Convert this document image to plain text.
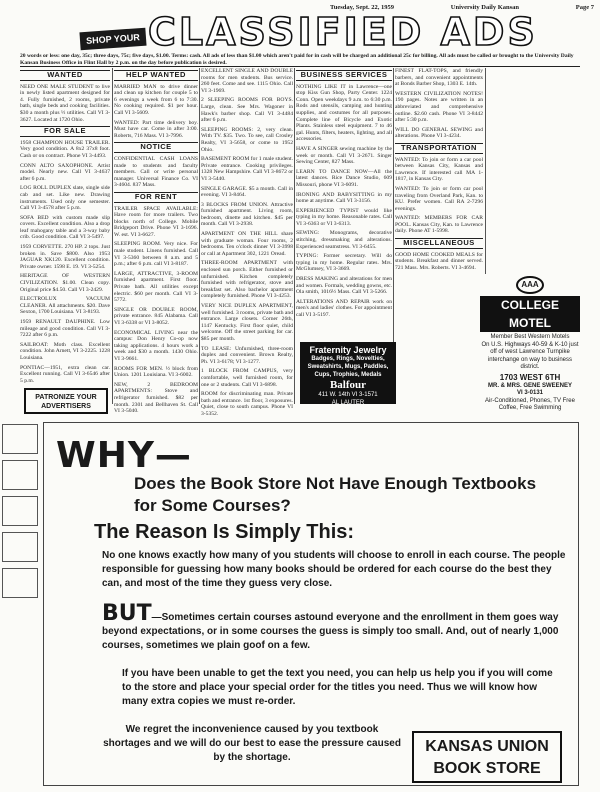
Tuesday, Sept. 22, 1959	University Daily Kansan	Page 7
SHOP YOUR CLASSIFIED ADS
20 words or less: one day, 35c; three days, 75c; five days, $1.00. Terms: cash. All ads of less than $1.00 which aren't paid for in cash will be charged an additional 25c for billing. All ads must be called or brought to the University Daily Kansan Business Office in Flint Hall by 2 p.m. on the day before publication is desired.
WANTED
NEED ONE MALE STUDENT to live in newly listed apartment designed for 4. Fully furnished, 2 rooms, private bath, single beds and cooking facilities. $30 a month plus ½ utilities. Call VI 3-3627. Located at 1720 Ohio.
FOR SALE
1958 CHAMPION HOUSE TRAILER. Very good condition. A 8x2 37x8 foot. Cash or on contract. Phone VI 3-4493.
CONN ALTO SAXOPHONE. Artist model. Nearly new. Call VI 3-4637 after 6 p.m.
LOG ROLL DUPLEX slate, single side cab and set. Like new. Drawing instruments. Used only one semester. Call VI 3-4578 after 5 p.m.
SOFA BED with custom made slip covers. Excellent condition. Also a drop leaf mahogany table and a 3-way baby crib. Good condition. Call VI 3-5497.
1959 CORVETTE. 270 HP. 2 tops. Just broken in. Save $800. Also 1953 JAGUAR XK120. Excellent condition. Private owner. 1598 E. 19. VI 3-5254.
HERITAGE OF WESTERN CIVILIZATION. $1.00. Clean copy. Original price $4.50. Call VI 3-2429.
ELECTROLUX VACUUM CLEANER. All attachments. $20. Dave Sexton, 1700 Louisiana. VI 3-8193.
1959 RENAULT DAUPHINE. Low mileage and good condition. Call VI 3-7222 after 6 p.m.
SAILBOAT: Moth class. Excellent condition. John Arnett, VI 3-2225. 1228 Louisiana.
PONTIAC—1951, extra clean car. Excellent running. Call VI 3-6546 after 5 p.m.
HELP WANTED
MARRIED MAN to drive dinner and clean up kitchen for couple 5 to 6 evenings a week from 6 to 7:30. No cooking required. $1 per hour. Call VI 3-5609.
WANTED: Part time delivery boy. Must have car. Come in after 3:00. Roberts, 716 Mass. VI 3-7996.
NOTICE
CONFIDENTIAL CASH LOANS made to students and faculty members. Call or write personal manager. Universal Finance Co. VI 3-4604. 837 Mass.
FOR RENT
TRAILER SPACE AVAILABLE: Have room for more trailers. Two blocks north of College. Mobile Bridgeport Drive. Phone VI 3-1696. W. est. VI 3-6627.
SLEEPING ROOM. Very nice. For male student. Linens furnished. Call VI 3-5360 between 8 a.m. and 5 p.m.; after 6 p.m. call VI 3-8187.
LARGE, ATTRACTIVE, 3-ROOM furnished apartment. First floor. Private bath. All utilities except electric. $60 per month. Call VI 3-5772.
SINGLE OR DOUBLE ROOM, private entrance. 845 Alabama. Call VI 3-6338 or VI 3-8052.
ECONOMICAL LIVING near the campus: Don Henry Co-op now taking applications. 4 hours work a week and $30 a month. 1430 Ohio. VI 3-9661.
ROOMS FOR MEN. ½ block from Union. 1201 Louisiana. VI 3-6002.
NEW, 2 BEDROOM APARTMENTS: Stove and refrigerator furnished. $82 per month. 2301 and Bellhaven St. Call VI 3-5040.
EXCELLENT SINGLE AND DOUBLE rooms for men students. Bus service. 260 feet. Come and see. 1115 Ohio. Call VI 3-1969.
2 SLEEPING ROOMS FOR BOYS. Large, clean. See Mrs. Wagoner in Hawk's barber shop. Call VI 3-4484 after 6 p.m.
SLEEPING ROOMS: 2, very clean. With TV. $35. Two. To see, call Crosley Realty, VI 3-5658, or come to 1952 Ohio.
BASEMENT ROOM for 1 male student. Private entrance. Cooking privileges. 1328 New Hampshire. Call VI 3-8672 or VI 3-5440.
SINGLE GARAGE. $5 a month. Call in evening. VI 3-8464.
3 BLOCKS FROM UNION. Attractive furnished apartment. Living room, bedroom, dinette and kitchen. $45 per month. Call VI 3-2938.
APARTMENT ON THE HILL share with graduate woman. Four rooms, 2 bedrooms. Ten o'clock dinner VI 3-3998 or call at Apartment 302, 1221 Oread.
THREE-ROOM APARTMENT with enclosed sun porch. Either furnished or unfurnished. Kitchen completely furnished with refrigerator, stove and breakfast set. Also bachelor apartment completely furnished. Phone VI 3-4253.
VERY NICE DUPLEX APARTMENT, well furnished. 3 rooms, private bath and entrance. Large closets. Corner 26th, 1147 Kentucky. First floor quiet, child welcome. Off the street parking for car. $85 per month.
TO LEASE: Unfurnished, three-room duplex and convenient. Brown Realty, Ph. VI 3-6178; VI 3-1277.
1 BLOCK FROM CAMPUS, very comfortable, well furnished room, for one or 2 students. Call VI 3-6898.
ROOM for discriminating man. Private bath and entrance. 1st floor, 3 exposures. Quiet, close to south campus. Phone VI 3-5352.
BUSINESS SERVICES
NOTHING LIKE IT in Lawrence—one stop Kiss Gun Shop, Party Center. 1224 Conn. Open weekdays 9 a.m. to 6:30 p.m. Rods and utensils, camping and hunting supplies, and costumes for all purposes. Complete line of Bicycle and Exotic Plants. Stainless steel equipment. 7 to 46 gal. Hunts, filters, heaters, lighting, and all accessories.
HAVE A SINGER sewing machine by the week or month. Call VI 3-2671. Singer Sewing Center, 827 Mass.
LEARN TO DANCE NOW—All the latest dances. Rice Dance Studio, 609 Missouri, phone VI 3-6091.
IRONING AND BABYSITTING in my home at anytime. Call VI 3-3156.
EXPERIENCED TYPIST would like typing in my home. Reasonable rates. Call VI 3-6363 or VI 3-6313.
SEWING: Monograms, decorative stitching, dressmaking and alterations. Experienced seamstress. VI 3-6455.
TYPING: Former secretary. Will do typing in my home. Regular rates. Mrs. McGlumsey, VI 3-3669.
DRESS MAKING and alterations for men and women. Formals, wedding gowns, etc. Ola smith, 1016½ Mass. Call VI 3-5266.
ALTERATIONS AND REPAIR work on men's and ladies' clothes. For appointment call VI 3-5197.
FINEST FLAT-TOPS, and friendly barbers, and convenient appointments at Bonds Barber Shop, 1303 E. 14th.
WESTERN CIVILIZATION NOTES! 190 pages. Notes are written in an abbreviated and comprehensive outline. $2.60 cash. Phone VI 3-8442 after 5:30 p.m.
WILL DO GENERAL SEWING and alterations. Phone VI 3-4234.
TRANSPORTATION
WANTED: To join or form a car pool between Kansas City, Kansas and Lawrence. If interested call MA 1-1817, in Kansas City.
WANTED: To join or form car pool traveling from Overland Park, Kan. to KU. Prefer women. Call RA 2-7296 evenings.
WANTED: MEMBERS FOR CAR POOL. Kansas City, Kan. to Lawrence daily. Phone AT 1-5998.
MISCELLANEOUS
GOOD HOME COOKED MEALS for students. Breakfast and dinner served. 721 Mass. Mrs. Roberts. VI 3-4694.
PATRONIZE YOUR
ADVERTISERS
Fraternity Jewelry
Badges, Rings, Novelties, Sweatshirts, Mugs, Paddles, Cups, Trophies, Medals
Balfour
411 W. 14th VI 3-1571
AL LAUTER
AAA
COLLEGE MOTEL
Member Best Western Motels
On U.S. Highways 40-59 & K-10 just off of west Lawrence Turnpike interchange on way to business district.
1703 WEST 6TH
MR. & MRS. GENE SWEENEY
VI 3-0131
Air-Conditioned, Phones, TV Free Coffee, Free Swimming
WHY—
Does the Book Store Not Have Enough Textbooks for Some Courses?
The Reason Is Simply This:
No one knows exactly how many of you students will choose to enroll in each course. The people responsible for guessing how many books should be ordered for each course do the best they can, and most of the time they guess very close.
BUT—Sometimes certain courses astound everyone and the enrollment in them goes way beyond expectations, or in some courses the guess is simply too small. And, out of nearly 1,000 courses, sometimes we plain goof on a few.
If you have been unable to get the text you need, you can help us help you if you will come to the store and place your special order for the titles you need. Thus we will know how many extra copies we must re-order.
We regret the inconvenience caused by you textbook shortages and we will do our best to ease the pressure caused by the shortage.
KANSAS UNION
BOOK STORE
